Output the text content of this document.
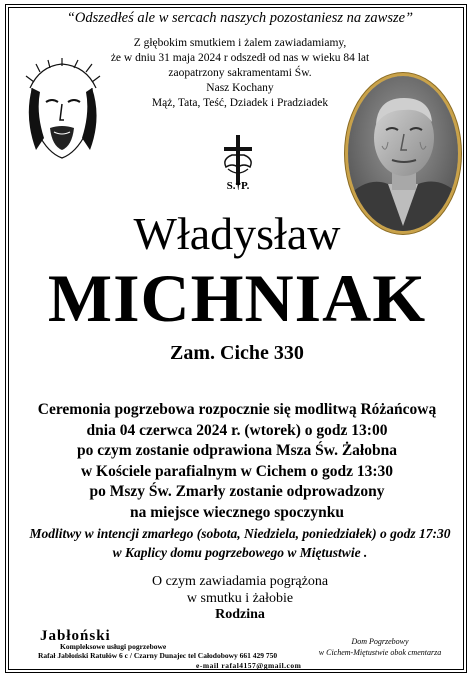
“Odszedłeś ale w sercach naszych pozostaniesz na zawsze”
Z głębokim smutkiem i żalem zawiadamiamy,
że w dniu 31 maja 2024 r odszedł od nas w wieku 84 lat
zaopatrzony sakramentami Św.
Nasz Kochany
Mąż, Tata, Teść, Dziadek i Pradziadek
S.†P.
Władysław
MICHNIAK
Zam. Ciche 330
Ceremonia pogrzebowa rozpocznie się modlitwą Różańcową
dnia 04 czerwca 2024 r. (wtorek) o godz 13:00
po czym zostanie odprawiona Msza Św. Żałobna
w Kościele parafialnym w Cichem o godz 13:30
po Mszy Św. Zmarły zostanie odprowadzony
na miejsce wiecznego spoczynku
Modlitwy w intencji zmarłego (sobota, Niedziela, poniedziałek) o godz 17:30
w Kaplicy domu pogrzebowego w Miętustwie .
O czym zawiadamia pogrążona
w smutku i żałobie
Rodzina
Jabłoński
Kompleksowe usługi pogrzebowe
Rafał Jabłoński Ratułów 6 c / Czarny Dunajec tel Całodobowy 661 429 750
e-mail rafal4157@gmail.com
Dom Pogrzebowy
w Cichem-Miętustwie obok cmentarza
